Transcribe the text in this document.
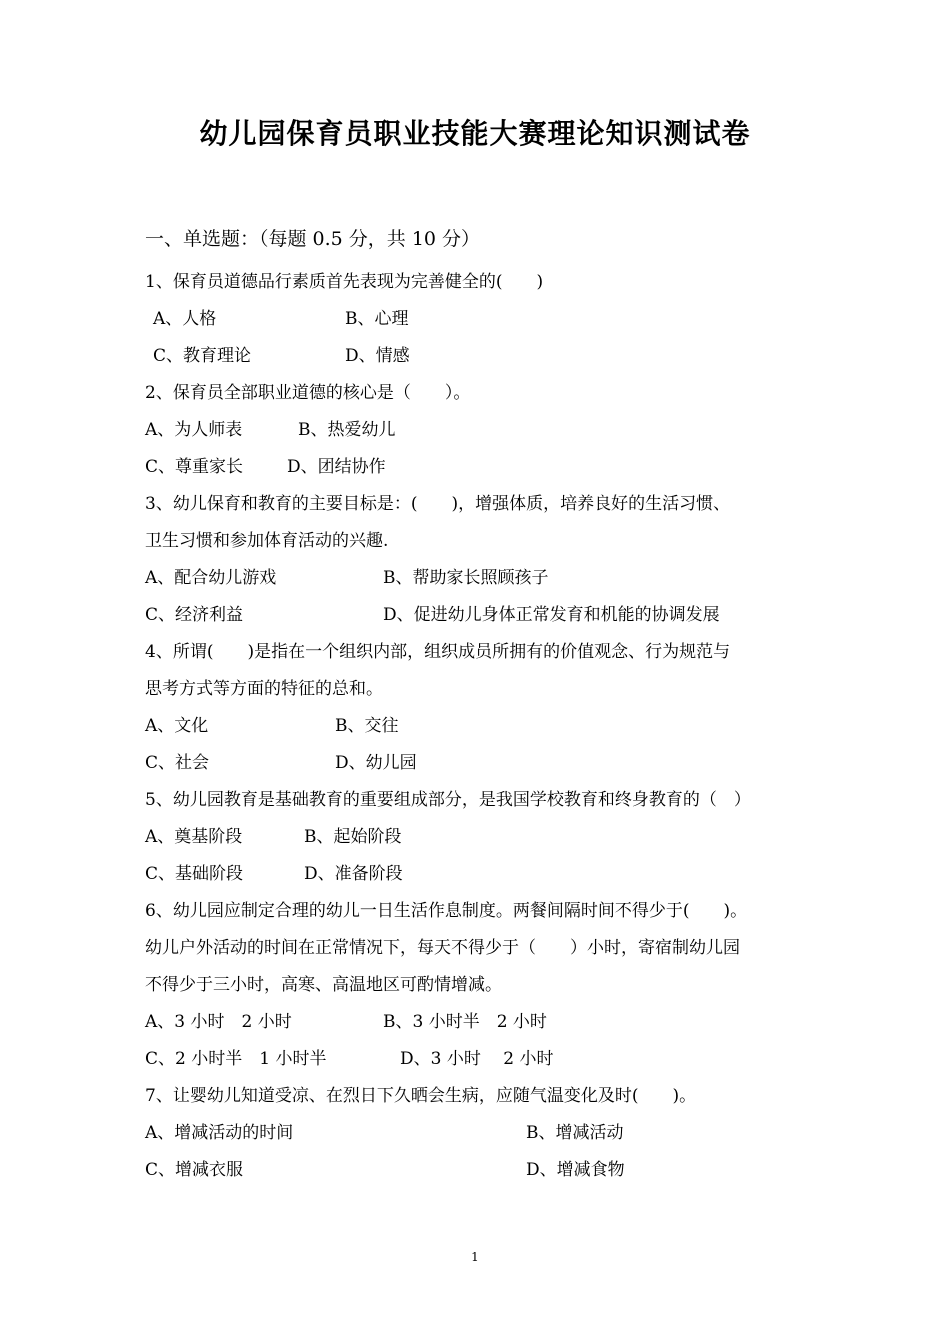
幼儿园保育员职业技能大赛理论知识测试卷
一、单选题：（每题 0.5 分，共 10 分）
1、保育员道德品行素质首先表现为完善健全的(　　)
A、人格	B、心理
C、教育理论	D、情感
2、保育员全部职业道德的核心是（　　）。
A、为人师表	B、热爱幼儿
C、尊重家长	D、团结协作
3、幼儿保育和教育的主要目标是：(　　)，增强体质，培养良好的生活习惯、
卫生习惯和参加体育活动的兴趣.
A、配合幼儿游戏	B、帮助家长照顾孩子
C、经济利益	D、促进幼儿身体正常发育和机能的协调发展
4、所谓(　　)是指在一个组织内部，组织成员所拥有的价值观念、行为规范与
思考方式等方面的特征的总和。
A、文化	B、交往
C、社会	D、幼儿园
5、幼儿园教育是基础教育的重要组成部分，是我国学校教育和终身教育的（　）
A、奠基阶段	B、起始阶段
C、基础阶段	D、准备阶段
6、幼儿园应制定合理的幼儿一日生活作息制度。两餐间隔时间不得少于(　　)。
幼儿户外活动的时间在正常情况下，每天不得少于（　　）小时，寄宿制幼儿园
不得少于三小时，高寒、高温地区可酌情增减。
A、3 小时　2 小时	B、3 小时半　2 小时
C、2 小时半　1 小时半	D、3 小时　 2 小时
7、让婴幼儿知道受凉、在烈日下久晒会生病，应随气温变化及时(　　)。
A、增减活动的时间	B、增减活动
C、增减衣服	D、增减食物
1
